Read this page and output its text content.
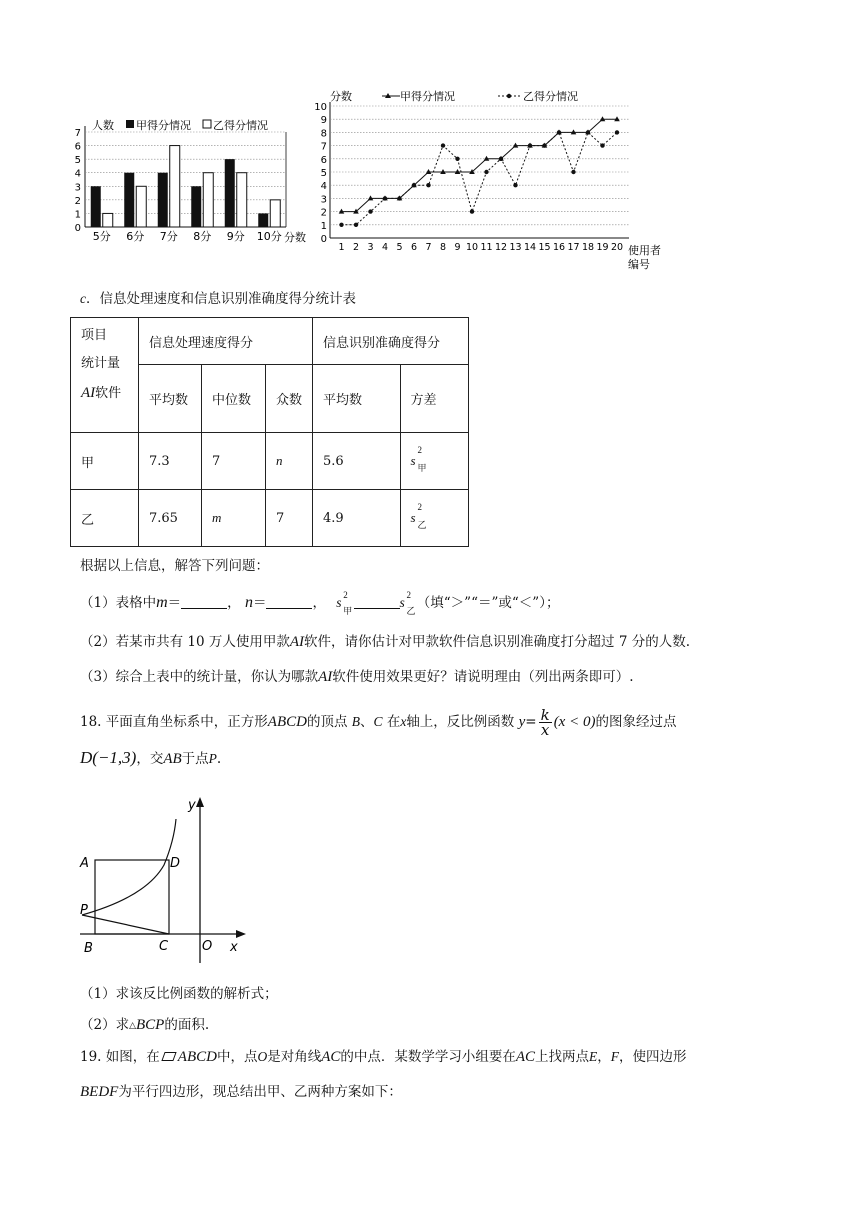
0
1
2
3
4
5
6
7
5分 6分 7分 8分 9分 10分
人数 甲得分情况 乙得分情况
分数 0
1
2
3
4
5
6
7
8
9
10
1 2 3 4 5 6 7 8 9 10 11 12 13 14 15 16 17 18 19 20
分数	甲得分情况	乙得分情况
使用者
编号
c．信息处理速度和信息识别准确度得分统计表
项目
统计量
AI软件	信息处理速度得分			信息识别准确度得分	
	平均数	中位数	众数	平均数	方差
甲	7.3	7	n	5.6	s
2
甲

乙	7.65	m	7	4.9	s
2
乙
根据以上信息，解答下列问题：
（1）表格中m＝	， n＝	， s 2
甲
s 2
乙 （填“＞”“＝”或“＜”）；
（2）若某市共有 10 万人使用甲款AI软件，请你估计对甲款软件信息识别准确度打分超过 7 分的人数.
（3）综合上表中的统计量，你认为哪款AI软件使用效果更好？请说明理由（列出两条即可）.
18. 平面直角坐标系中，正方形ABCD的顶点 B、C 在x轴上，反比例函数 $y= \frac{k}{x} (x < 0)$的图象经过点
D(−1,3)，交AB于点P.
A	D
P
B	C	O x
y
（1）求该反比例函数的解析式；
（2）求△BCP的面积.
19. 如图，在 ABCD中，点O是对角线AC的中点．某数学学习小组要在AC上找两点E，F，使四边形
BEDF为平行四边形，现总结出甲、乙两种方案如下：
